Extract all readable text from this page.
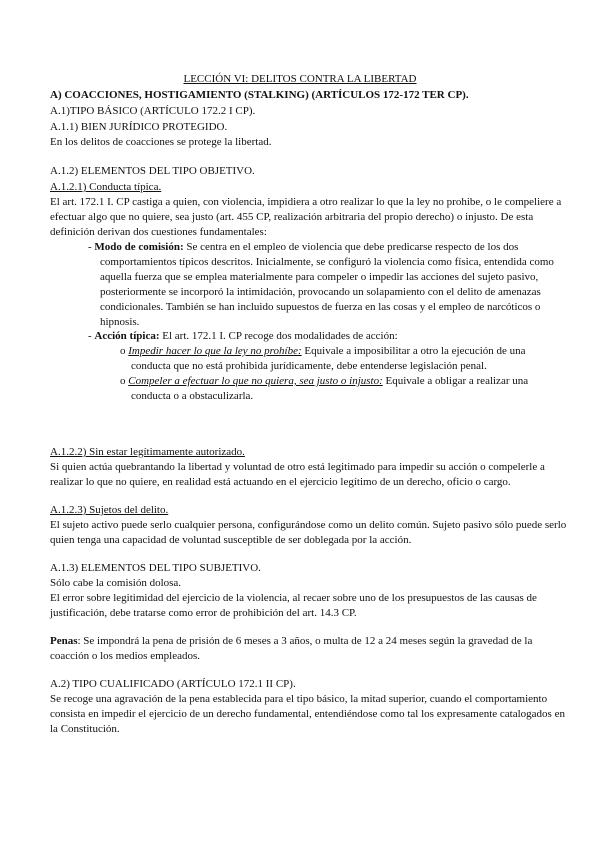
LECCIÓN VI: DELITOS CONTRA LA LIBERTAD
A) COACCIONES, HOSTIGAMIENTO (STALKING) (ARTÍCULOS 172-172 TER CP).
A.1)TIPO BÁSICO (ARTÍCULO 172.2 I CP).
A.1.1) BIEN JURÍDICO PROTEGIDO.
En los delitos de coacciones se protege la libertad.
A.1.2) ELEMENTOS DEL TIPO OBJETIVO.
A.1.2.1) Conducta típica.
El art. 172.1 I. CP castiga a quien, con violencia, impidiera a otro realizar lo que la ley no prohibe, o le compeliere a
efectuar algo que no quiere, sea justo (art. 455 CP, realización arbitraria del propio derecho) o injusto. De esta
definición derivan dos cuestiones fundamentales:
- Modo de comisión: Se centra en el empleo de violencia que debe predicarse respecto de los dos
comportamientos típicos descritos. Inicialmente, se configuró la violencia como física, entendida como
aquella fuerza que se emplea materialmente para compeler o impedir las acciones del sujeto pasivo,
posteriormente se incorporó la intimidación, provocando un solapamiento con el delito de amenazas
condicionales. También se han incluido supuestos de fuerza en las cosas y el empleo de narcóticos o
hipnosis.
- Acción típica: El art. 172.1 I. CP recoge dos modalidades de acción:
o Impedir hacer lo que la ley no prohíbe: Equivale a imposibilitar a otro la ejecución de una
conducta que no está prohibida jurídicamente, debe entenderse legislación penal.
o Compeler a efectuar lo que no quiera, sea justo o injusto: Equivale a obligar a realizar una
conducta o a obstaculizarla.
A.1.2.2) Sin estar legítimamente autorizado.
Si quien actúa quebrantando la libertad y voluntad de otro está legitimado para impedir su acción o compelerle a
realizar lo que no quiere, en realidad está actuando en el ejercicio legítimo de un derecho, oficio o cargo.
A.1.2.3) Sujetos del delito.
El sujeto activo puede serlo cualquier persona, configurándose como un delito común. Sujeto pasivo sólo puede serlo
quien tenga una capacidad de voluntad susceptible de ser doblegada por la acción.
A.1.3) ELEMENTOS DEL TIPO SUBJETIVO.
Sólo cabe la comisión dolosa.
El error sobre legitimidad del ejercicio de la violencia, al recaer sobre uno de los presupuestos de las causas de
justificación, debe tratarse como error de prohibición del art. 14.3 CP.
Penas: Se impondrá la pena de prisión de 6 meses a 3 años, o multa de 12 a 24 meses según la gravedad de la
coacción o los medios empleados.
A.2) TIPO CUALIFICADO (ARTÍCULO 172.1 II CP).
Se recoge una agravación de la pena establecida para el tipo básico, la mitad superior, cuando el comportamiento
consista en impedir el ejercicio de un derecho fundamental, entendiéndose como tal los expresamente catalogados en
la Constitución.
